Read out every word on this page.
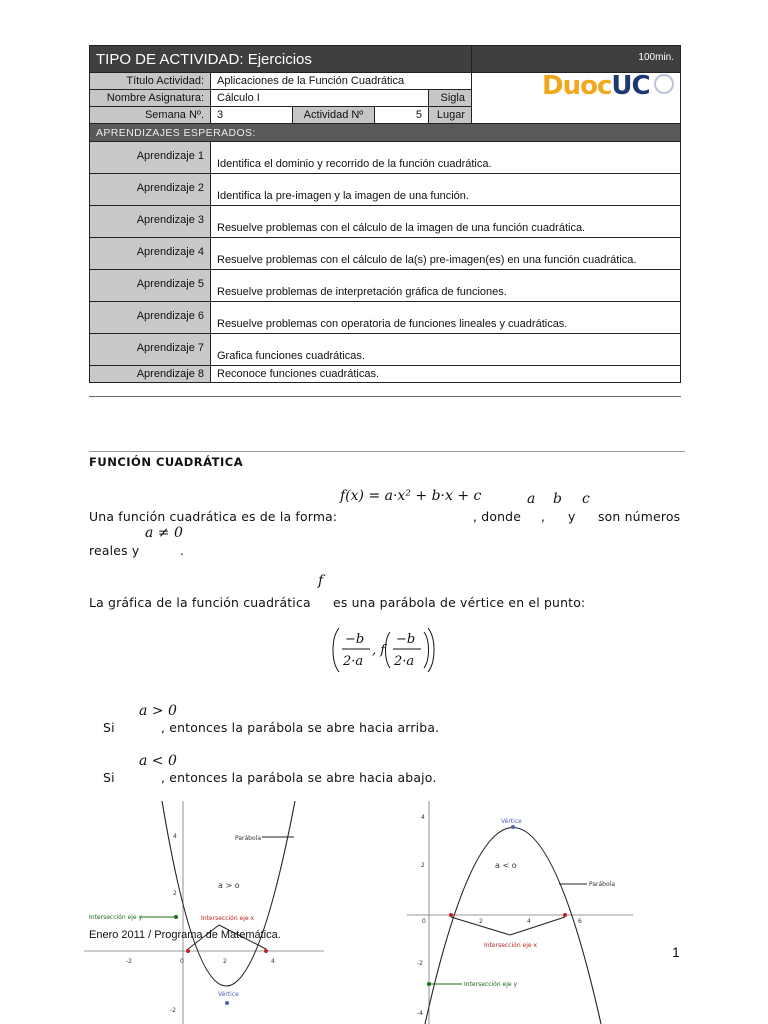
TIPO DE ACTIVIDAD: Ejercicios					100min.
Título Actividad:	Aplicaciones de la Función Cuadrática				DuocUC

Nombre Asignatura:	Cálculo I			Sigla	
Semana Nº.	3	Actividad Nº	5	Lugar	
APRENDIZAJES ESPERADOS:					
Aprendizaje 1	Identifica el dominio y recorrido de la función cuadrática.				
Aprendizaje 2	Identifica la pre-imagen y la imagen de una función.				
Aprendizaje 3	Resuelve problemas con el cálculo de la imagen de una función cuadrática.				
Aprendizaje 4	Resuelve problemas con el cálculo de la(s) pre-imagen(es) en una función cuadrática.				
Aprendizaje 5	Resuelve problemas de interpretación gráfica de funciones.				
Aprendizaje 6	Resuelve problemas con operatoria de funciones lineales y cuadráticas.				
Aprendizaje 7	Grafica funciones cuadráticas.				
Aprendizaje 8	Reconoce funciones cuadráticas.				
FUNCIÓN CUADRÁTICA
f(x) = a·x² + b·x + c	a b c
Una función cuadrática es de la forma:	, donde , y son números
a ≠ 0
reales y	.
f
La gráfica de la función cuadrática es una parábola de vértice en el punto:
−b
2·a
, f
−b
2·a
a > 0
Si	, entonces la parábola se abre hacia arriba.
a < 0
Si	, entonces la parábola se abre hacia abajo.
-2	0	2	4
4
2
-2
Parábola
a > o
Intersección eje y	Intersección eje x
Vértice
0	2	4	6
4
2
-2
-4
Vértice
a < o
Parábola
Intersección eje x
Intersección eje y
Enero 2011 / Programa de Matemática.
1
